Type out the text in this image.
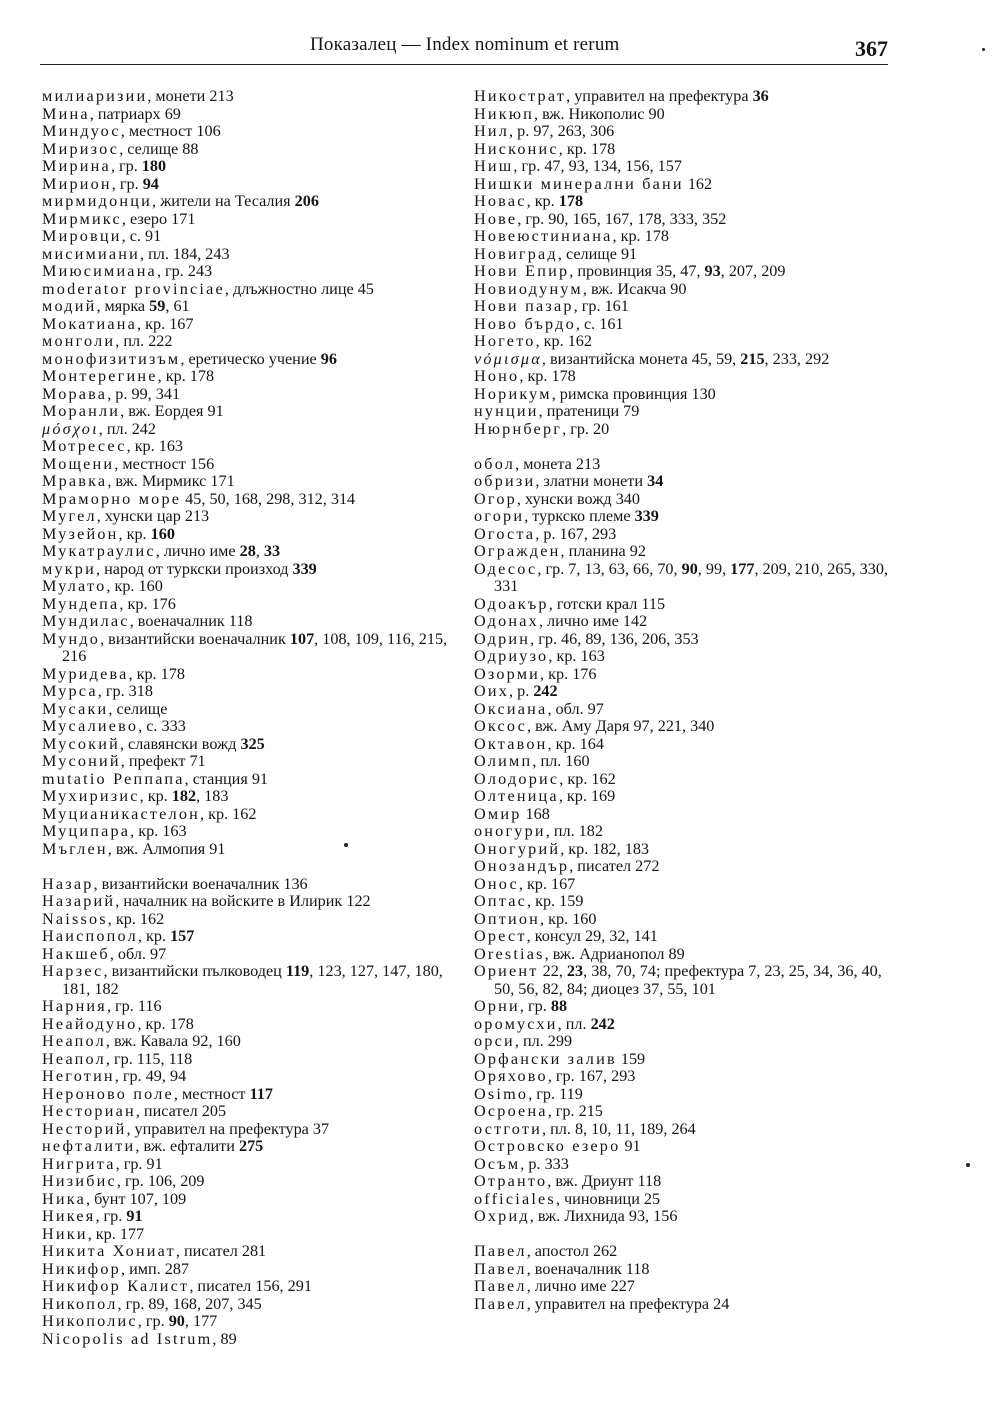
Показалец — Index nominum et rerum	367
милиаризии, монети 213
Мина, патриарх 69
Миндуос, местност 106
Миризос, селище 88
Мирина, гр. 180
Мирион, гр. 94
мирмидонци, жители на Тесалия 206
Мирмикс, езеро 171
Мировци, с. 91
мисимиани, пл. 184, 243
Миюсимиана, гр. 243
moderator provinciae, длъжностно лице 45
модий, мярка 59, 61
Мокатиана, кр. 167
монголи, пл. 222
монофизитизъм, еретическо учение 96
Монтерегине, кр. 178
Морава, р. 99, 341
Моранли, вж. Еордея 91
μόσχοι, пл. 242
Мотресес, кр. 163
Мощени, местност 156
Мравка, вж. Мирмикс 171
Мраморно море 45, 50, 168, 298, 312, 314
Мугел, хунски цар 213
Музейон, кр. 160
Мукатраулис, лично име 28, 33
мукри, народ от туркски произход 339
Мулато, кр. 160
Мундепа, кр. 176
Мундилас, военачалник 118
Мундо, византийски военачалник 107, 108, 109, 116, 215, 216
Муридева, кр. 178
Мурса, гр. 318
Мусаки, селище
Мусалиево, с. 333
Мусокий, славянски вожд 325
Мусоний, префект 71
mutatio Реппапа, станция 91
Мухиризис, кр. 182, 183
Муцианикастелон, кр. 162
Муципара, кр. 163
Мъглен, вж. Алмопия 91
Назар, византийски военачалник 136
Назарий, началник на войските в Илирик 122
Naissos, кр. 162
Наиспопол, кр. 157
Накшеб, обл. 97
Нарзес, византийски пълководец 119, 123, 127, 147, 180, 181, 182
Нарния, гр. 116
Неайодуно, кр. 178
Неапол, вж. Кавала 92, 160
Неапол, гр. 115, 118
Неготин, гр. 49, 94
Нероново поле, местност 117
Несториан, писател 205
Несторий, управител на префектура 37
нефталити, вж. ефталити 275
Нигрита, гр. 91
Низибис, гр. 106, 209
Ника, бунт 107, 109
Никея, гр. 91
Ники, кр. 177
Никита Хониат, писател 281
Никифор, имп. 287
Никифор Калист, писател 156, 291
Никопол, гр. 89, 168, 207, 345
Никополис, гр. 90, 177
Nicopolis ad Istrum, 89
Никострат, управител на префектура 36
Никюп, вж. Никополис 90
Нил, р. 97, 263, 306
Нисконис, кр. 178
Ниш, гр. 47, 93, 134, 156, 157
Нишки минерални бани 162
Новас, кр. 178
Нове, гр. 90, 165, 167, 178, 333, 352
Новеюстиниана, кр. 178
Новиград, селище 91
Нови Епир, провинция 35, 47, 93, 207, 209
Новиодунум, вж. Исакча 90
Нови пазар, гр. 161
Ново бърдо, с. 161
Ногето, кр. 162
νόμισμα, византийска монета 45, 59, 215, 233, 292
Ноно, кр. 178
Норикум, римска провинция 130
нунции, пратеници 79
Нюрнберг, гр. 20
обол, монета 213
обризи, златни монети 34
Огор, хунски вожд 340
огори, туркско племе 339
Огоста, р. 167, 293
Огражден, планина 92
Одесос, гр. 7, 13, 63, 66, 70, 90, 99, 177, 209, 210, 265, 330, 331
Одоакър, готски крал 115
Одонах, лично име 142
Одрин, гр. 46, 89, 136, 206, 353
Одриузо, кр. 163
Озорми, кр. 176
Оих, р. 242
Оксиана, обл. 97
Оксос, вж. Аму Даря 97, 221, 340
Октавон, кр. 164
Олимп, пл. 160
Олодорис, кр. 162
Олтеница, кр. 169
Омир 168
оногури, пл. 182
Оногурий, кр. 182, 183
Онозандър, писател 272
Онос, кр. 167
Оптас, кр. 159
Оптион, кр. 160
Орест, консул 29, 32, 141
Orestias, вж. Адрианопол 89
Ориент 22, 23, 38, 70, 74; префектура 7, 23, 25, 34, 36, 40, 50, 56, 82, 84; диоцез 37, 55, 101
Орни, гр. 88
оромусхи, пл. 242
орси, пл. 299
Орфански залив 159
Оряхово, гр. 167, 293
Osimo, гр. 119
Осроена, гр. 215
остготи, пл. 8, 10, 11, 189, 264
Островско езеро 91
Осъм, р. 333
Отранто, вж. Дриунт 118
officiales, чиновници 25
Охрид, вж. Лихнида 93, 156
Павел, апостол 262
Павел, военачалник 118
Павел, лично име 227
Павел, управител на префектура 24
